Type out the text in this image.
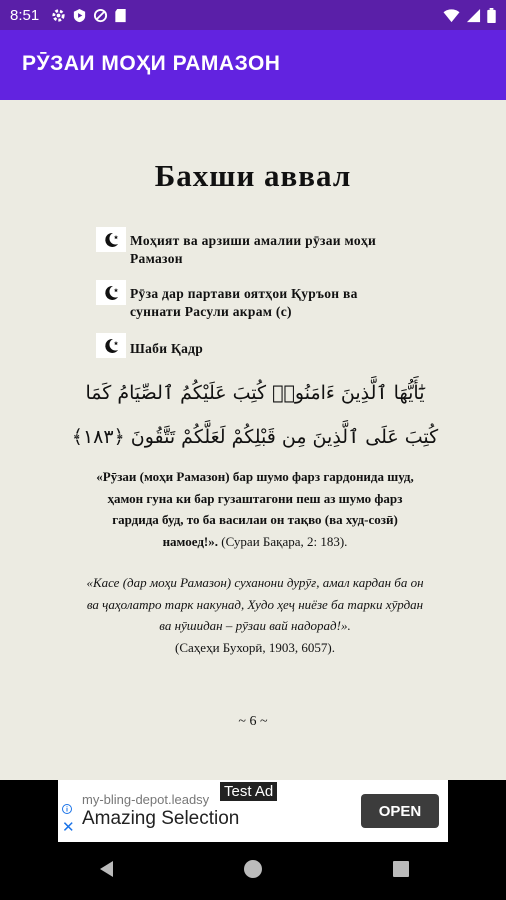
8:51
РӮЗАИ МОҲИ РАМАЗОН
Бахши аввал
Моҳият ва арзиши амалии рӯзаи моҳи
Рамазон
Рӯза дар партави оятҳои Қуръон ва
суннати Расули акрам (с)
Шаби Қадр
يَٰٓأَيُّهَا ٱلَّذِينَ ءَامَنُوا۟ كُتِبَ عَلَيْكُمُ ٱلصِّيَامُ كَمَا
كُتِبَ عَلَى ٱلَّذِينَ مِن قَبْلِكُمْ لَعَلَّكُمْ تَتَّقُونَ ﴿١٨٣﴾
«Рӯзаи (моҳи Рамазон) бар шумо фарз гардонида шуд, ҳамон гуна ки бар гузаштагони пеш аз шумо фарз гардида буд, то ба василаи он тақво (ва худ-созӣ) намоед!». (Сураи Бақара, 2: 183).
«Касе (дар моҳи Рамазон) суханони дурӯғ, амал кардан ба он ва ҷаҳолатро тарк накунад, Худо ҳеҷ ниёзе ба тарки хӯрдан ва нӯшидан – рӯзаи вай надорад!».
(Саҳеҳи Бухорӣ, 1903, 6057).
~ 6 ~
Test Ad
my-bling-depot.leadsy
✕ Amazing Selection	OPEN
